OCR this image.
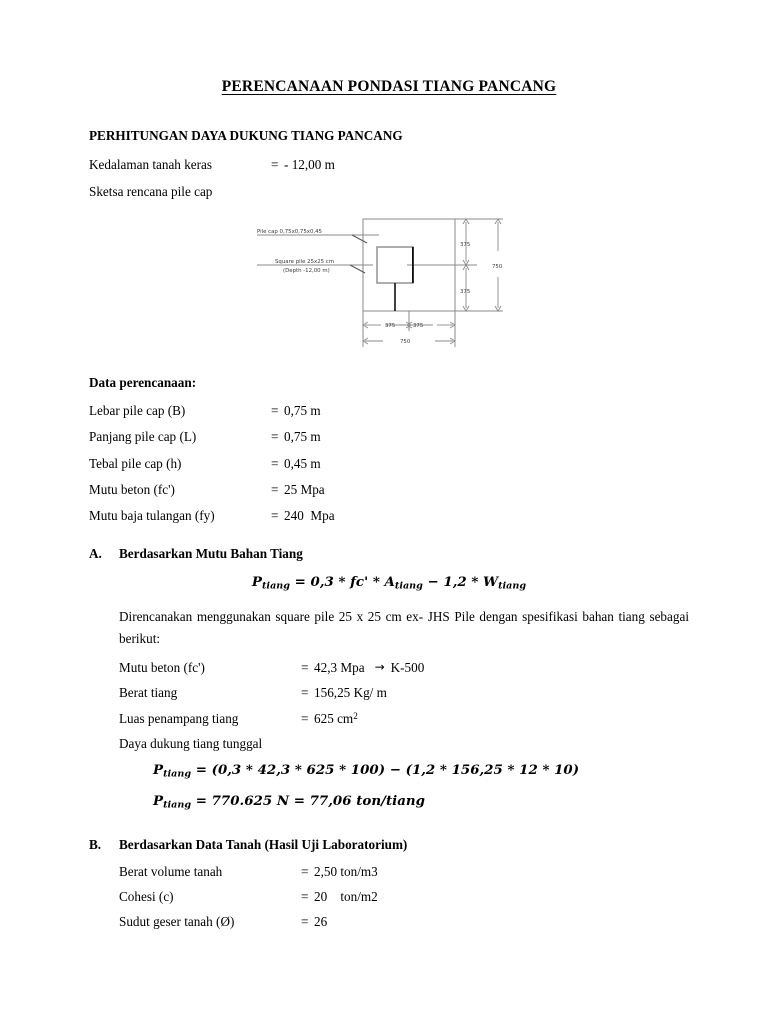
PERENCANAAN PONDASI TIANG PANCANG
PERHITUNGAN DAYA DUKUNG TIANG PANCANG
Kedalaman tanah keras	= - 12,00 m
Sketsa rencana pile cap
Pile cap 0,75x0,75x0,45
Square pile 25x25 cm
(Depth -12,00 m)
375
375
750
375	375
750
Data perencanaan:
Lebar pile cap (B)	= 0,75 m
Panjang pile cap (L)	= 0,75 m
Tebal pile cap (h)	= 0,45 m
Mutu beton (fc')	= 25 Mpa
Mutu baja tulangan (fy)	= 240  Mpa
A.	Berdasarkan Mutu Bahan Tiang
$P_{tiang} = 0,3 * fc' * A_{tiang} - 1,2 * W_{tiang}$

Direncanakan menggunakan square pile 25 x 25 cm ex- JHS Pile dengan spesifikasi bahan tiang sebagai berikut:

Mutu beton (fc')	= 42,3 Mpa → K-500
Berat tiang	= 156,25 Kg/ m
Luas penampang tiang	= 625 cm 2
Daya dukung tiang tunggal
$P_{tiang} = (0,3 * 42,3 * 625 * 100) - (1,2 * 156,25 * 12 * 10)$
$P_{tiang} = 770.625$ N = 77,06 ton/tiang
B.	Berdasarkan Data Tanah (Hasil Uji Laboratorium)
Berat volume tanah	= 2,50 ton/m3
Cohesi (c)	= 20    ton/m2
Sudut geser tanah (Ø)	= 26
